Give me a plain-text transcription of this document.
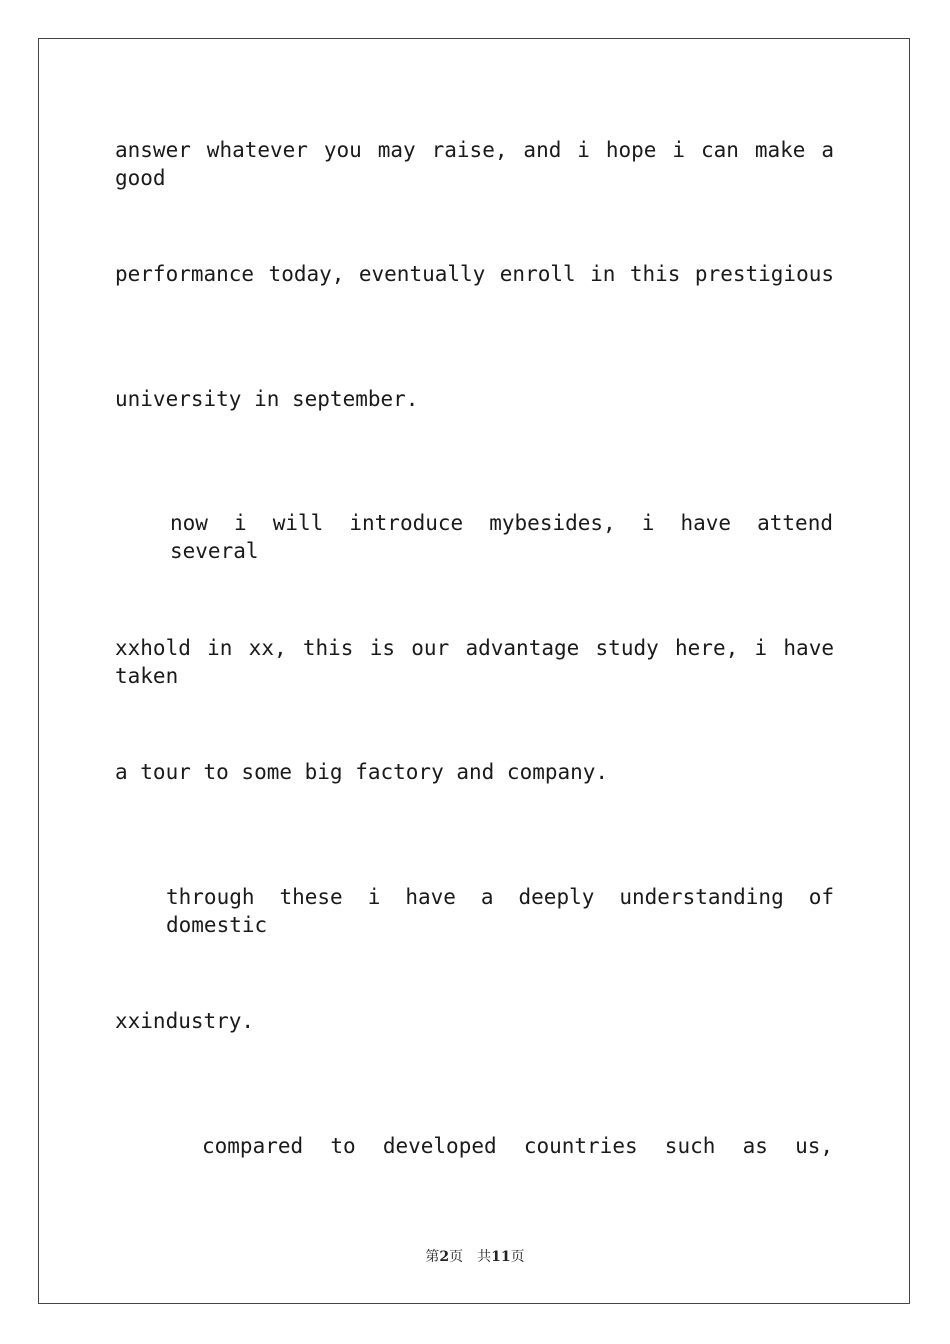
answer whatever you may raise, and i hope i can make a good
performance today, eventually enroll in this prestigious
university in september.
now i will introduce mybesides, i have attend several
xxhold in xx, this is our advantage study here, i have taken
a tour to some big factory and company.
through these i have a deeply understanding of domestic
xxindustry.
compared to developed countries such as us,
第2页 共11页
